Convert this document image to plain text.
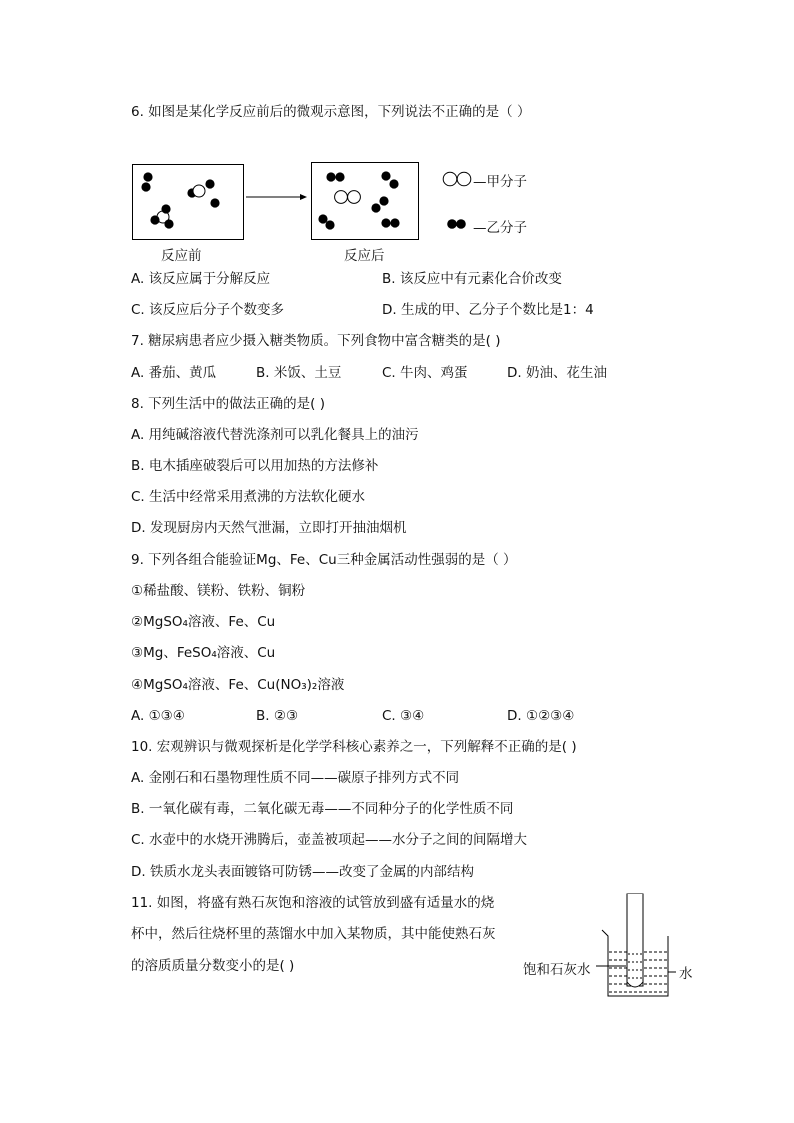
6. 如图是某化学反应前后的微观示意图，下列说法不正确的是（ ）
反应前	反应后
—甲分子
—乙分子
A. 该反应属于分解反应	B. 该反应中有元素化合价改变
C. 该反应后分子个数变多	D. 生成的甲、乙分子个数比是1：4
7. 糖尿病患者应少摄入糖类物质。下列食物中富含糖类的是( )
A. 番茄、黄瓜	B. 米饭、土豆	C. 牛肉、鸡蛋	D. 奶油、花生油
8. 下列生活中的做法正确的是( )
A. 用纯碱溶液代替洗涤剂可以乳化餐具上的油污
B. 电木插座破裂后可以用加热的方法修补
C. 生活中经常采用煮沸的方法软化硬水
D. 发现厨房内天然气泄漏，立即打开抽油烟机
9. 下列各组合能验证Mg、Fe、Cu三种金属活动性强弱的是（ ）
①稀盐酸、镁粉、铁粉、铜粉
②MgSO₄溶液、Fe、Cu
③Mg、FeSO₄溶液、Cu
④MgSO₄溶液、Fe、Cu(NO₃)₂溶液
A. ①③④	B. ②③	C. ③④	D. ①②③④
10. 宏观辨识与微观探析是化学学科核心素养之一，下列解释不正确的是( )
A. 金刚石和石墨物理性质不同——碳原子排列方式不同
B. 一氧化碳有毒，二氧化碳无毒——不同种分子的化学性质不同
C. 水壶中的水烧开沸腾后，壶盖被项起——水分子之间的间隔增大
D. 铁质水龙头表面镀铬可防锈——改变了金属的内部结构
11. 如图，将盛有熟石灰饱和溶液的试管放到盛有适量水的烧
杯中，然后往烧杯里的蒸馏水中加入某物质，其中能使熟石灰
的溶质质量分数变小的是( )	饱和石灰水	水
